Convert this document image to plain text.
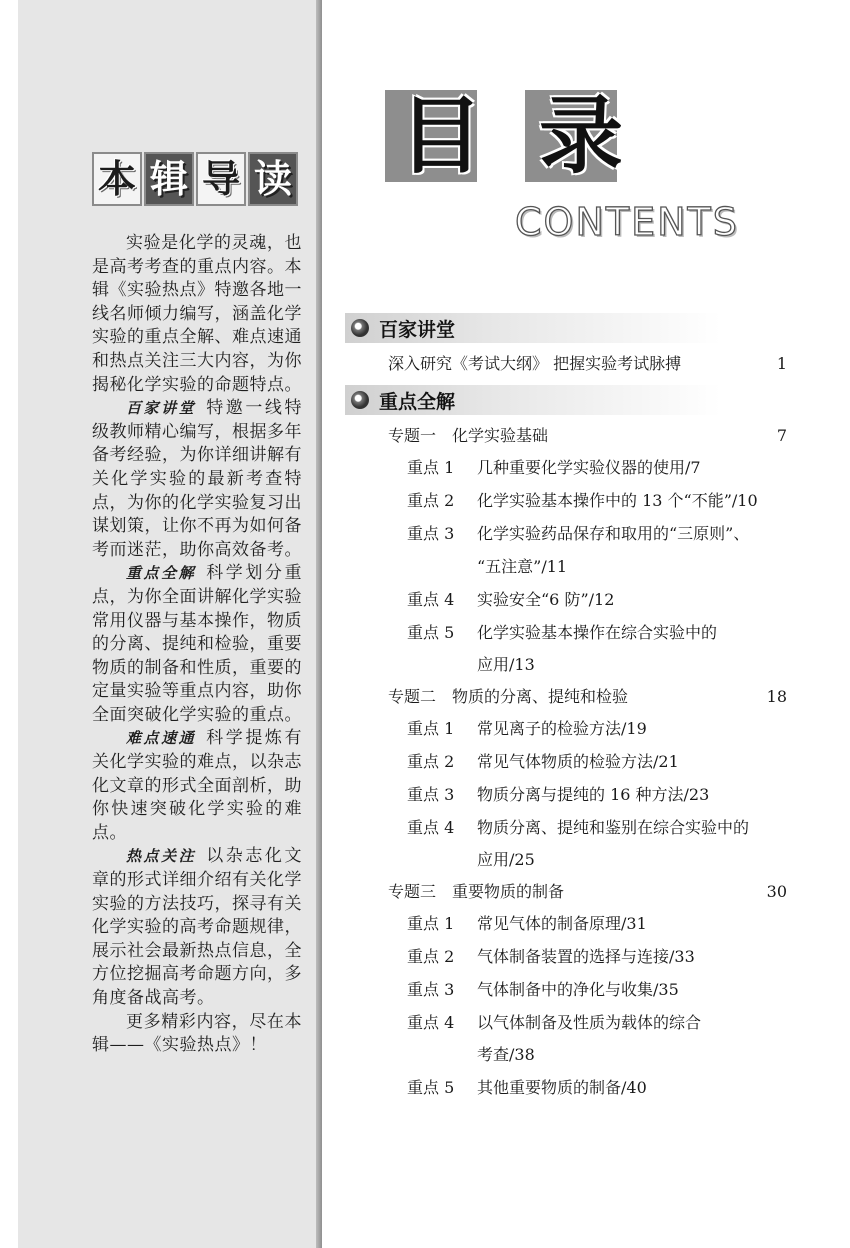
本 辑 导 读

实验是化学的灵魂，也是高考考查的重点内容。本辑《实验热点》特邀各地一线名师倾力编写，涵盖化学实验的重点全解、难点速通和热点关注三大内容，为你揭秘化学实验的命题特点。

百家讲堂 特邀一线特级教师精心编写，根据多年备考经验，为你详细讲解有关化学实验的最新考查特点，为你的化学实验复习出谋划策，让你不再为如何备考而迷茫，助你高效备考。

重点全解 科学划分重点，为你全面讲解化学实验常用仪器与基本操作，物质的分离、提纯和检验，重要物质的制备和性质，重要的定量实验等重点内容，助你全面突破化学实验的重点。

难点速通 科学提炼有关化学实验的难点，以杂志化文章的形式全面剖析，助你快速突破化学实验的难点。

热点关注 以杂志化文章的形式详细介绍有关化学实验的方法技巧，探寻有关化学实验的高考命题规律，展示社会最新热点信息，全方位挖掘高考命题方向，多角度备战高考。

更多精彩内容，尽在本辑——《实验热点》！

目 录
CONTENTS
百家讲堂
深入研究《考试大纲》 把握实验考试脉搏	1
重点全解
专题一 化学实验基础	7
重点 1 几种重要化学实验仪器的使用/7
重点 2 化学实验基本操作中的 13 个“不能”/10
重点 3 化学实验药品保存和取用的“三原则”、
“五注意”/11
重点 4 实验安全“6 防”/12
重点 5 化学实验基本操作在综合实验中的
应用/13
专题二 物质的分离、提纯和检验	18
重点 1 常见离子的检验方法/19
重点 2 常见气体物质的检验方法/21
重点 3 物质分离与提纯的 16 种方法/23
重点 4 物质分离、提纯和鉴别在综合实验中的
应用/25
专题三 重要物质的制备	30
重点 1 常见气体的制备原理/31
重点 2 气体制备装置的选择与连接/33
重点 3 气体制备中的净化与收集/35
重点 4 以气体制备及性质为载体的综合
考查/38
重点 5 其他重要物质的制备/40
